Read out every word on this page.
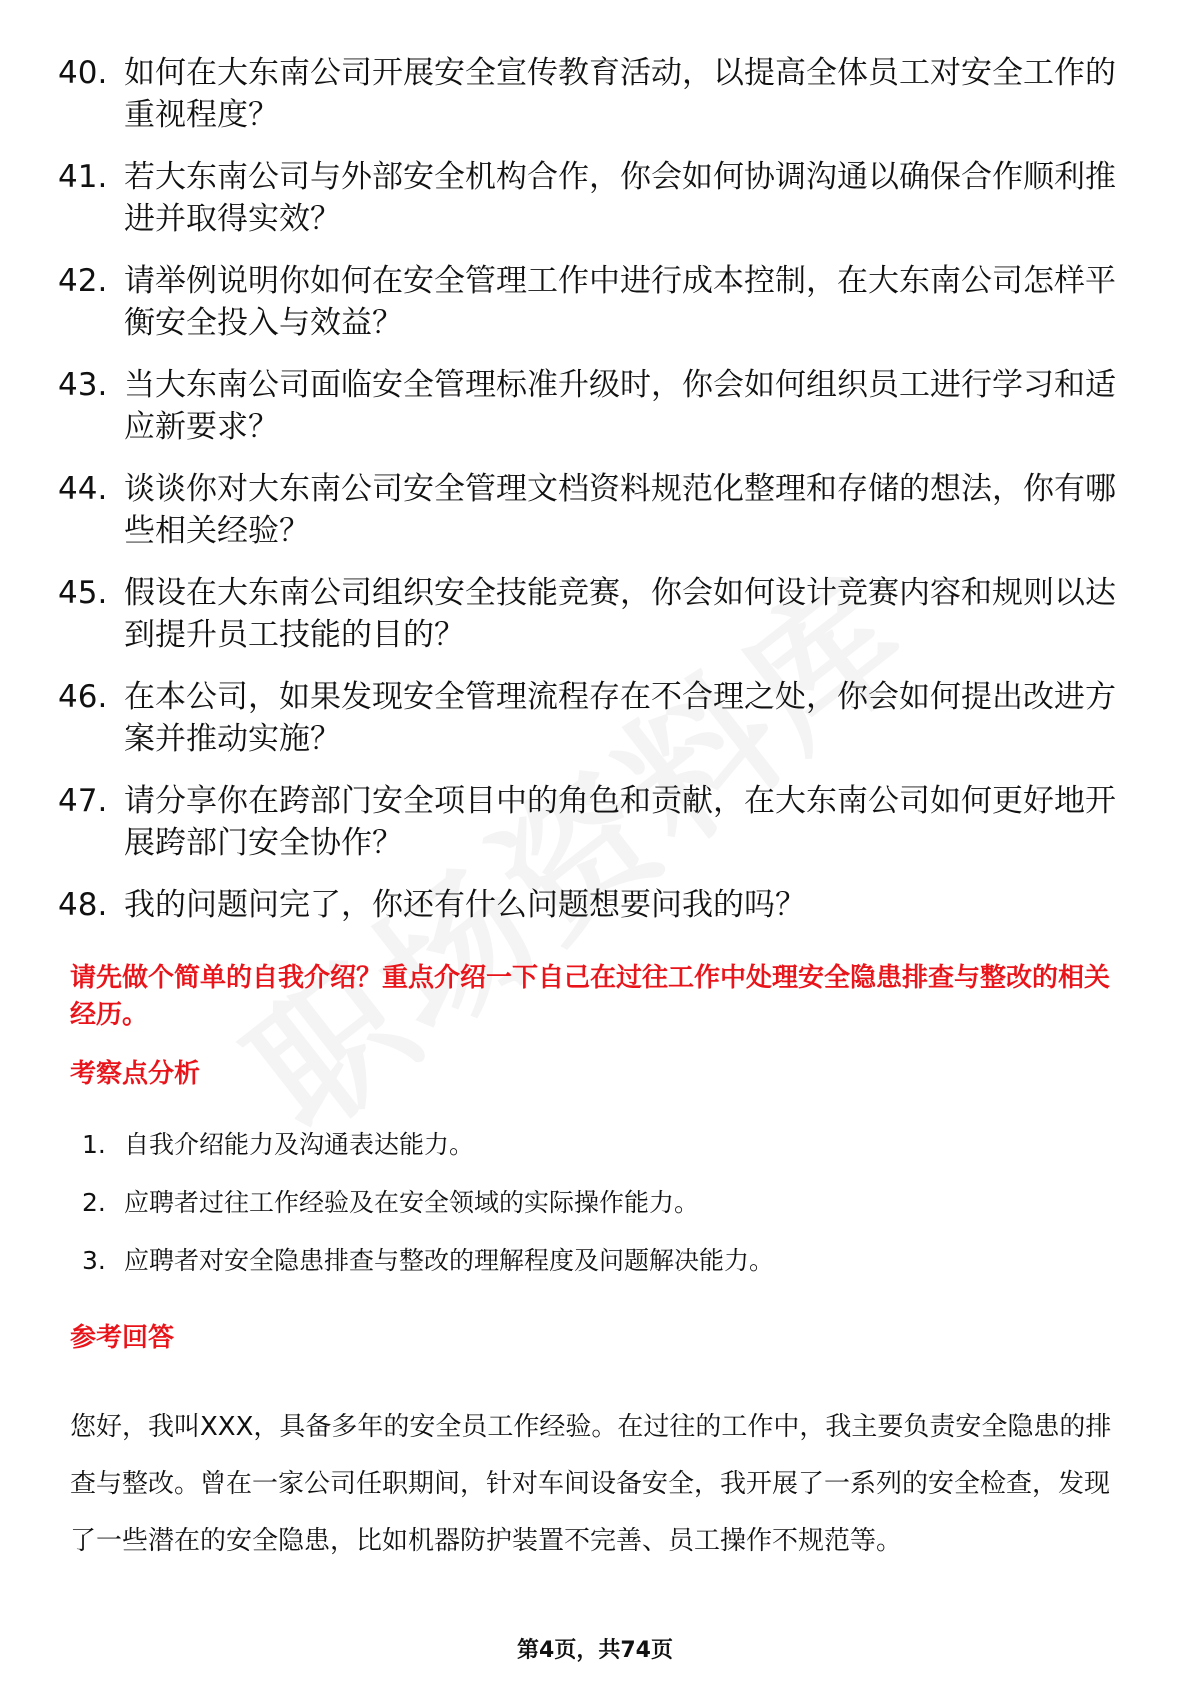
40. 如何在大东南公司开展安全宣传教育活动，以提高全体员工对安全工作的重视程度？
41. 若大东南公司与外部安全机构合作，你会如何协调沟通以确保合作顺利推进并取得实效？
42. 请举例说明你如何在安全管理工作中进行成本控制，在大东南公司怎样平衡安全投入与效益？
43. 当大东南公司面临安全管理标准升级时，你会如何组织员工进行学习和适应新要求？
44. 谈谈你对大东南公司安全管理文档资料规范化整理和存储的想法，你有哪些相关经验？
45. 假设在大东南公司组织安全技能竞赛，你会如何设计竞赛内容和规则以达到提升员工技能的目的？
46. 在本公司，如果发现安全管理流程存在不合理之处，你会如何提出改进方案并推动实施？
47. 请分享你在跨部门安全项目中的角色和贡献，在大东南公司如何更好地开展跨部门安全协作？
48. 我的问题问完了，你还有什么问题想要问我的吗？

请先做个简单的自我介绍？重点介绍一下自己在过往工作中处理安全隐患排查与整改的相关经历。

考察点分析
1. 自我介绍能力及沟通表达能力。
2. 应聘者过往工作经验及在安全领域的实际操作能力。
3. 应聘者对安全隐患排查与整改的理解程度及问题解决能力。
参考回答

您好，我叫XXX，具备多年的安全员工作经验。在过往的工作中，我主要负责安全隐患的排查与整改。曾在一家公司任职期间，针对车间设备安全，我开展了一系列的安全检查，发现了一些潜在的安全隐患，比如机器防护装置不完善、员工操作不规范等。

第4页，共74页
